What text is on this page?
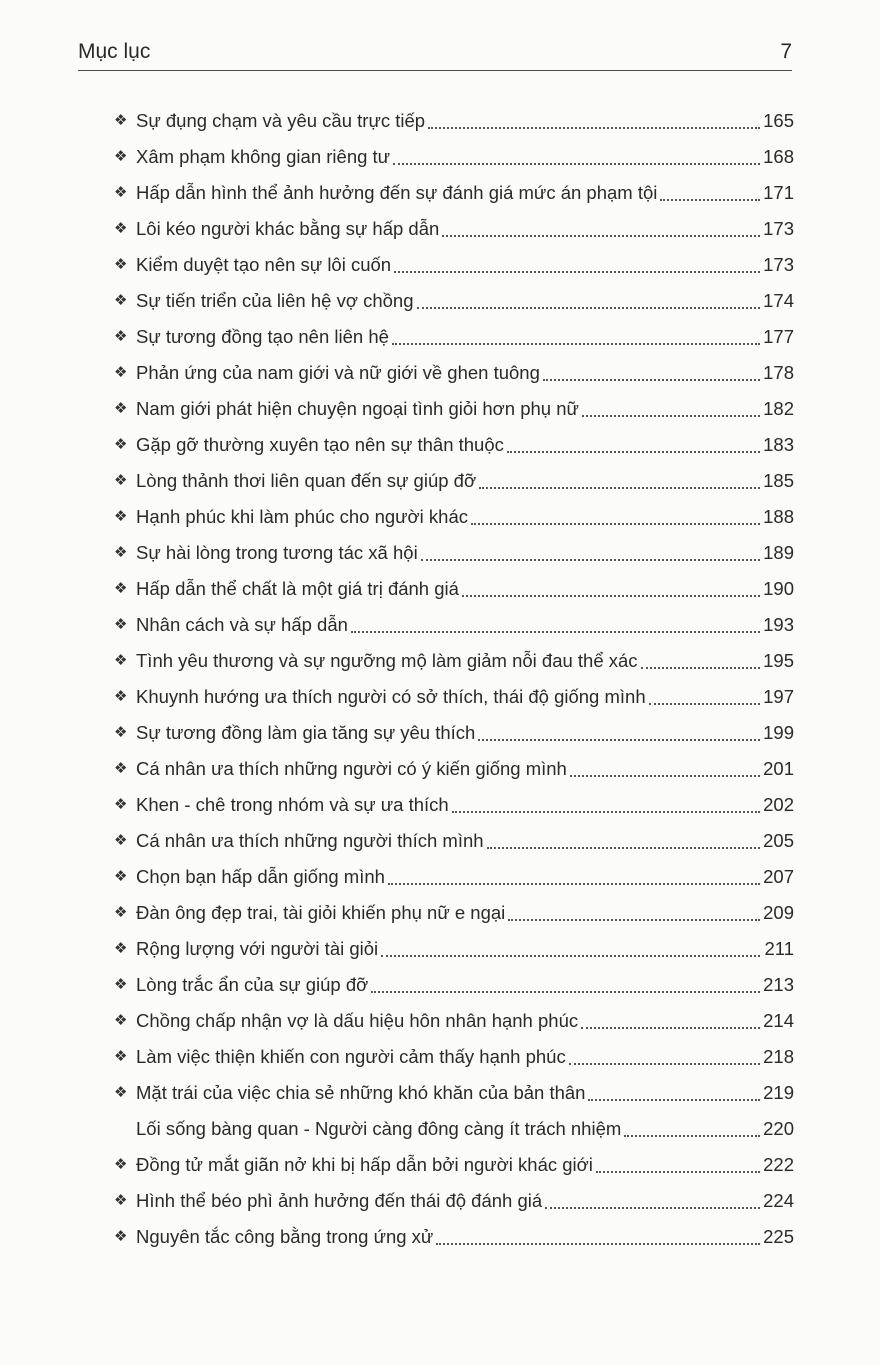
Mục lục	7
❖ Sự đụng chạm và yêu cầu trực tiếp	165
❖ Xâm phạm không gian riêng tư	168
❖ Hấp dẫn hình thể ảnh hưởng đến sự đánh giá mức án phạm tội	171
❖ Lôi kéo người khác bằng sự hấp dẫn	173
❖ Kiểm duyệt tạo nên sự lôi cuốn	173
❖ Sự tiến triển của liên hệ vợ chồng	174
❖ Sự tương đồng tạo nên liên hệ	177
❖ Phản ứng của nam giới và nữ giới về ghen tuông	178
❖ Nam giới phát hiện chuyện ngoại tình giỏi hơn phụ nữ	182
❖ Gặp gỡ thường xuyên tạo nên sự thân thuộc	183
❖ Lòng thảnh thơi liên quan đến sự giúp đỡ	185
❖ Hạnh phúc khi làm phúc cho người khác	188
❖ Sự hài lòng trong tương tác xã hội	189
❖ Hấp dẫn thể chất là một giá trị đánh giá	190
❖ Nhân cách và sự hấp dẫn	193
❖ Tình yêu thương và sự ngưỡng mộ làm giảm nỗi đau thể xác	195
❖ Khuynh hướng ưa thích người có sở thích, thái độ giống mình	197
❖ Sự tương đồng làm gia tăng sự yêu thích	199
❖ Cá nhân ưa thích những người có ý kiến giống mình	201
❖ Khen - chê trong nhóm và sự ưa thích	202
❖ Cá nhân ưa thích những người thích mình	205
❖ Chọn bạn hấp dẫn giống mình	207
❖ Đàn ông đẹp trai, tài giỏi khiến phụ nữ e ngại	209
❖ Rộng lượng với người tài giỏi	211
❖ Lòng trắc ẩn của sự giúp đỡ	213
❖ Chồng chấp nhận vợ là dấu hiệu hôn nhân hạnh phúc	214
❖ Làm việc thiện khiến con người cảm thấy hạnh phúc	218
❖ Mặt trái của việc chia sẻ những khó khăn của bản thân	219
Lối sống bàng quan - Người càng đông càng ít trách nhiệm	220
❖ Đồng tử mắt giãn nở khi bị hấp dẫn bởi người khác giới	222
❖ Hình thể béo phì ảnh hưởng đến thái độ đánh giá	224
❖ Nguyên tắc công bằng trong ứng xử	225
